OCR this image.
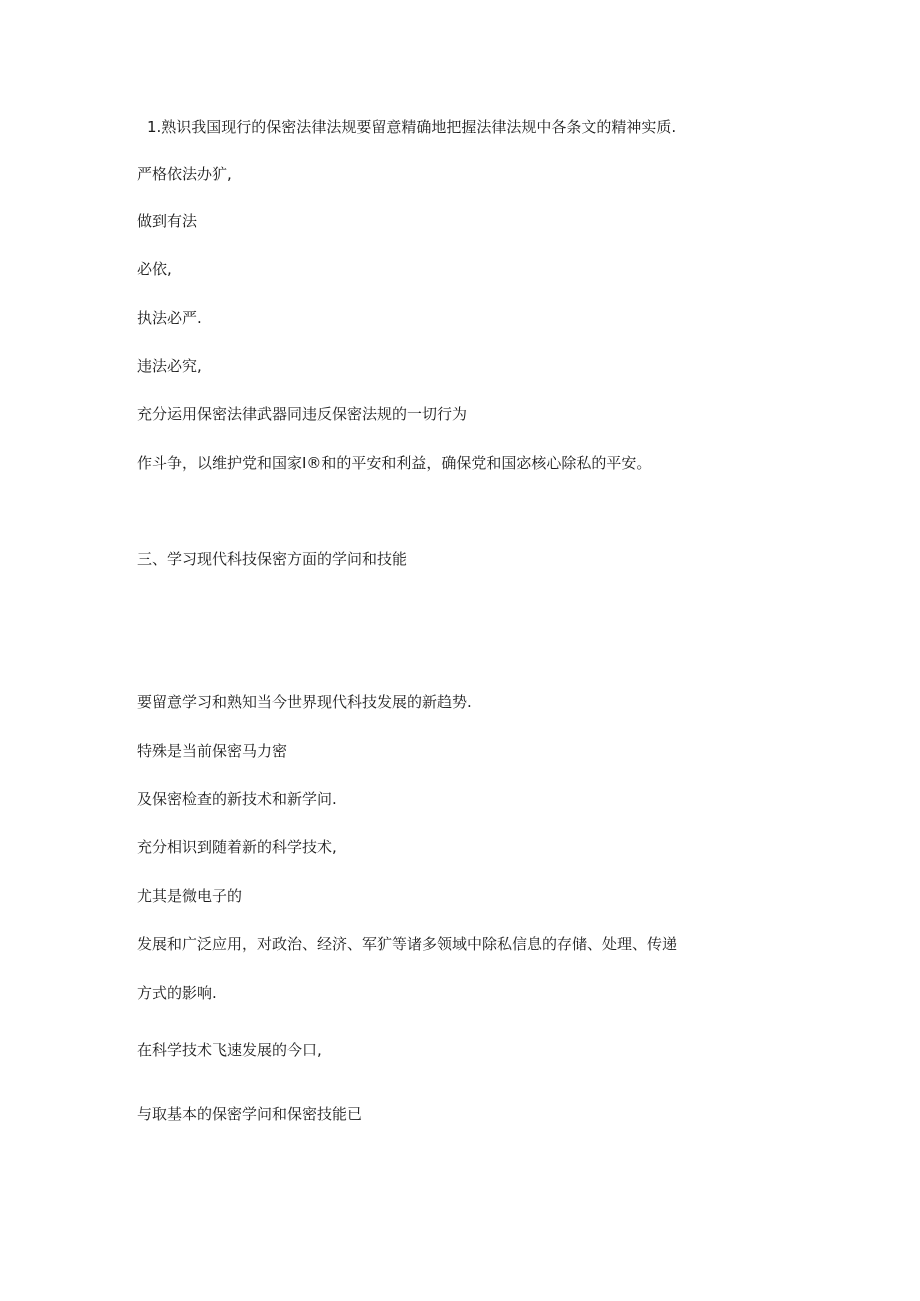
1.熟识我国现行的保密法律法规要留意精确地把握法律法规中各条文的精神实质.
严格依法办犷,
做到有法
必依,
执法必严.
违法必究,
充分运用保密法律武器同违反保密法规的一切行为
作斗争，以维护党和国家I®和的平安和利益，确保党和国宓核心除私的平安。
三、学习现代科技保密方面的学问和技能
要留意学习和熟知当今世界现代科技发展的新趋势.
特殊是当前保密马力密
及保密检查的新技术和新学问.
充分相识到随着新的科学技术,
尤其是微电子的
发展和广泛应用，对政治、经济、军犷等诸多领域中除私信息的存储、处理、传递
方式的影响.
在科学技术飞速发展的今口,
与取基本的保密学问和保密技能已
